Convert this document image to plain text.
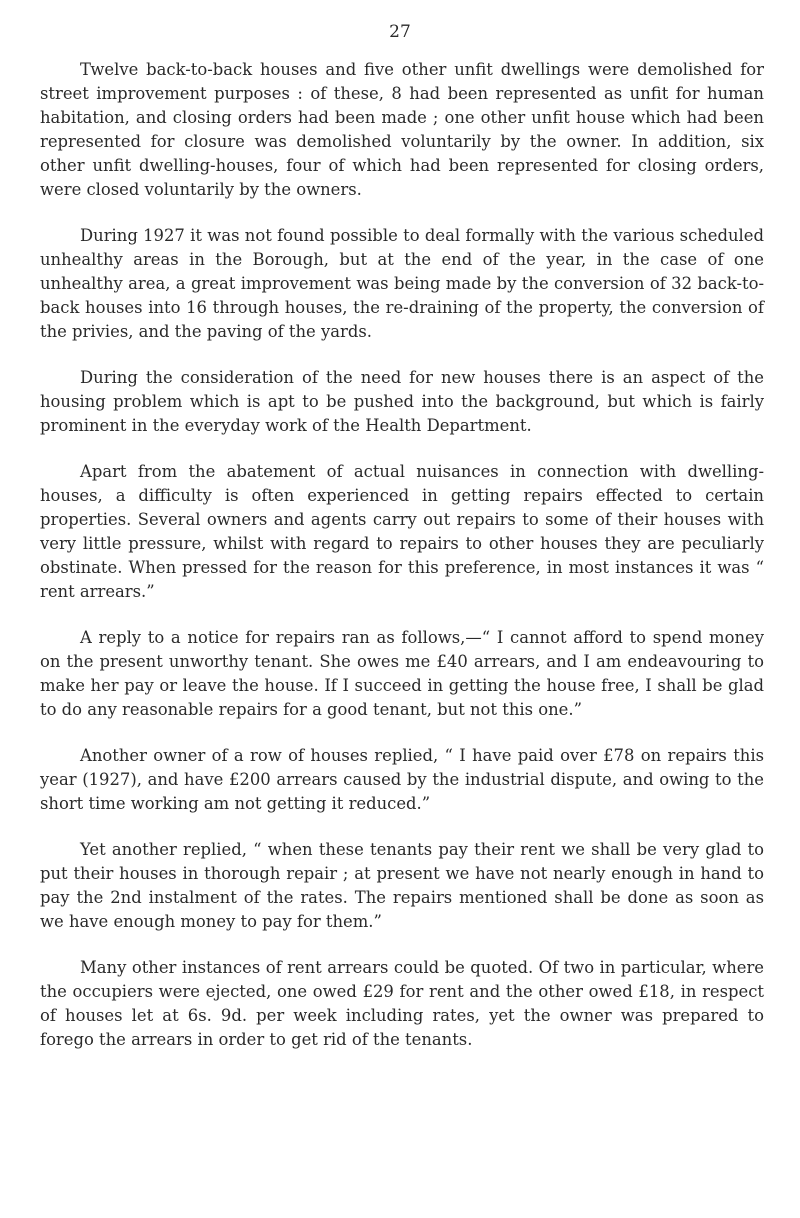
27

Twelve back-to-back houses and five other unfit dwellings were demolished for street improvement purposes : of these, 8 had been represented as unfit for human habitation, and closing orders had been made ; one other unfit house which had been represented for closure was demolished voluntarily by the owner. In addition, six other unfit dwelling-houses, four of which had been represented for closing orders, were closed voluntarily by the owners.

During 1927 it was not found possible to deal formally with the various scheduled unhealthy areas in the Borough, but at the end of the year, in the case of one unhealthy area, a great improvement was being made by the conversion of 32 back-to-back houses into 16 through houses, the re-draining of the property, the conversion of the privies, and the paving of the yards.

During the consideration of the need for new houses there is an aspect of the housing problem which is apt to be pushed into the background, but which is fairly prominent in the everyday work of the Health Department.

Apart from the abatement of actual nuisances in connection with dwelling-houses, a difficulty is often experienced in getting repairs effected to certain properties. Several owners and agents carry out repairs to some of their houses with very little pressure, whilst with regard to repairs to other houses they are peculiarly obstinate. When pressed for the reason for this preference, in most instances it was “ rent arrears.”

A reply to a notice for repairs ran as follows,—“ I cannot afford to spend money on the present unworthy tenant. She owes me £40 arrears, and I am endeavouring to make her pay or leave the house. If I succeed in getting the house free, I shall be glad to do any reasonable repairs for a good tenant, but not this one.”

Another owner of a row of houses replied, “ I have paid over £78 on repairs this year (1927), and have £200 arrears caused by the industrial dispute, and owing to the short time working am not getting it reduced.”

Yet another replied, “ when these tenants pay their rent we shall be very glad to put their houses in thorough repair ; at present we have not nearly enough in hand to pay the 2nd instalment of the rates. The repairs mentioned shall be done as soon as we have enough money to pay for them.”

Many other instances of rent arrears could be quoted. Of two in particular, where the occupiers were ejected, one owed £29 for rent and the other owed £18, in respect of houses let at 6s. 9d. per week including rates, yet the owner was prepared to forego the arrears in order to get rid of the tenants.
